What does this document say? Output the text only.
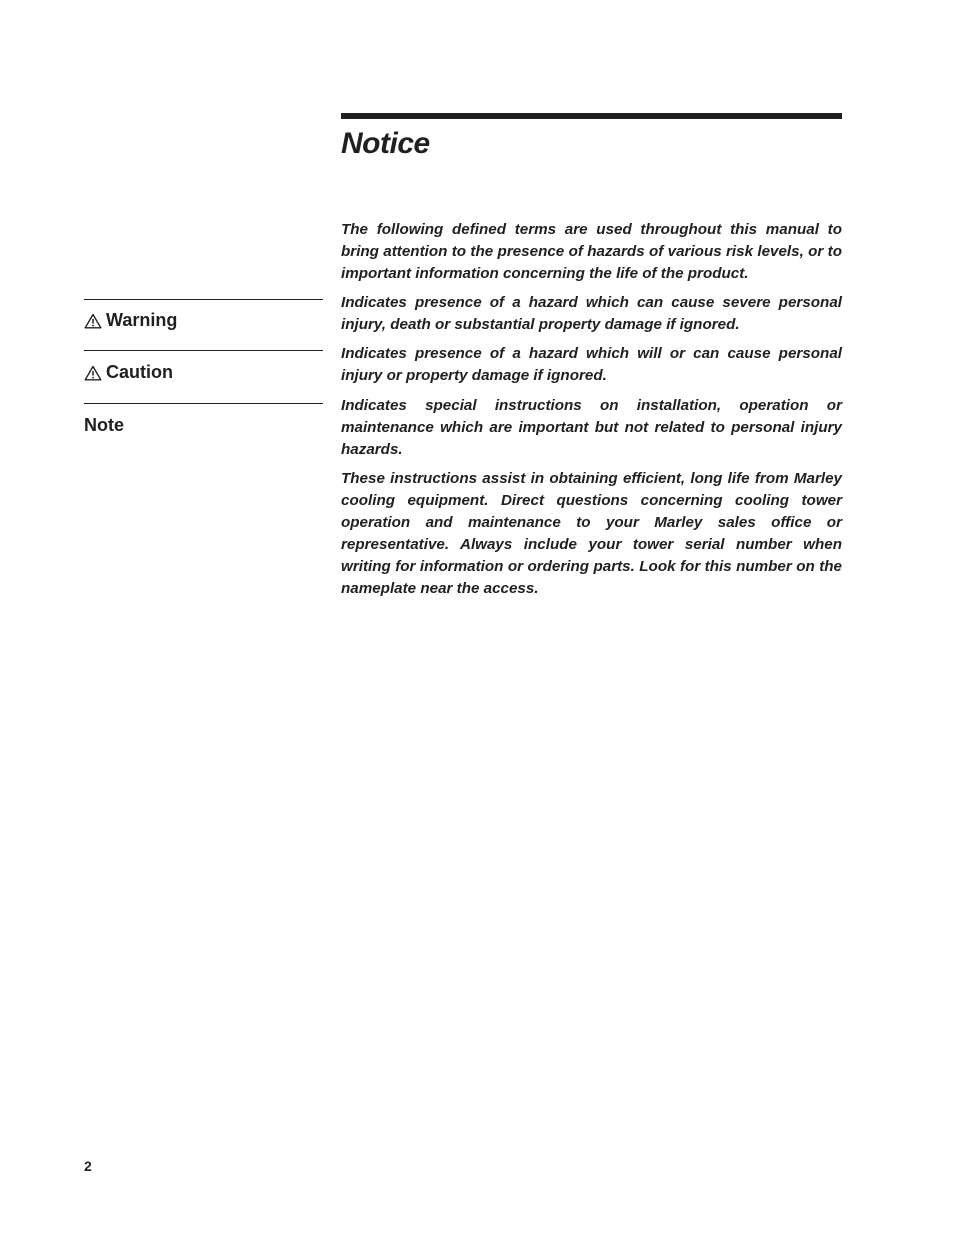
Notice

The following defined terms are used throughout this manual to bring attention to the presence of hazards of various risk levels, or to important information concerning the life of the product.

Warning

Indicates presence of a hazard which can cause severe personal injury, death or substantial property damage if ignored.

Caution

Indicates presence of a hazard which will or can cause personal injury or property damage if ignored.

Note

Indicates special instructions on installation, operation or maintenance which are important but not related to personal injury hazards.

These instructions assist in obtaining efficient, long life from Marley cooling equipment. Direct questions concerning cooling tower operation and maintenance to your Marley sales office or representative. Always include your tower serial number when writing for information or ordering parts. Look for this number on the nameplate near the access.

2
